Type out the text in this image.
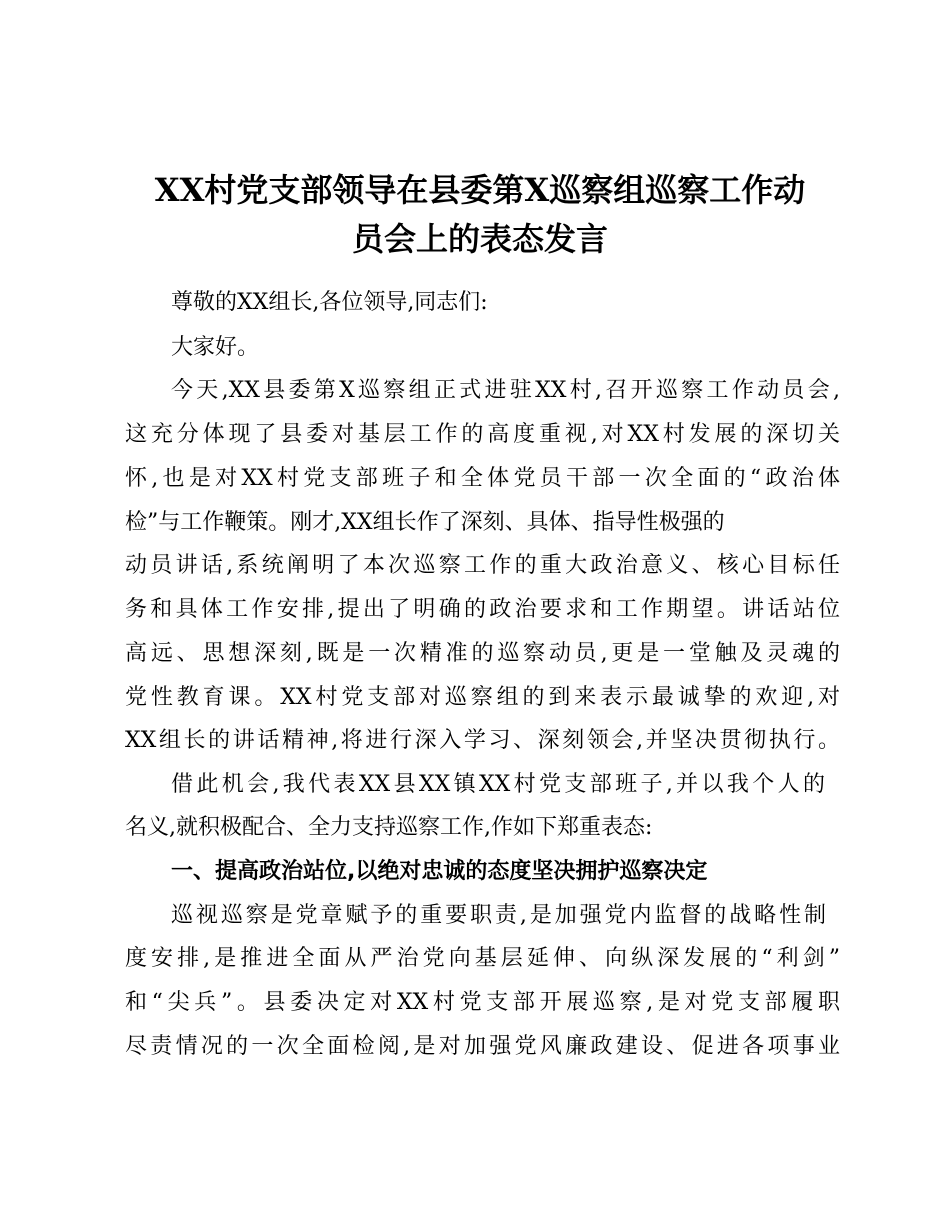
XX村党支部领导在县委第X巡察组巡察工作动
员会上的表态发言
尊敬的XX组长,各位领导,同志们:
大家好。
今天,XX县委第X巡察组正式进驻XX村,召开巡察工作动员会,
这充分体现了县委对基层工作的高度重视,对XX村发展的深切关
怀,也是对XX村党支部班子和全体党员干部一次全面的“政治体
检”与工作鞭策。刚才,XX组长作了深刻、具体、指导性极强的
动员讲话,系统阐明了本次巡察工作的重大政治意义、核心目标任
务和具体工作安排,提出了明确的政治要求和工作期望。讲话站位
高远、思想深刻,既是一次精准的巡察动员,更是一堂触及灵魂的
党性教育课。XX村党支部对巡察组的到来表示最诚挚的欢迎,对
XX组长的讲话精神,将进行深入学习、深刻领会,并坚决贯彻执行。
借此机会,我代表XX县XX镇XX村党支部班子,并以我个人的
名义,就积极配合、全力支持巡察工作,作如下郑重表态:
一、提高政治站位,以绝对忠诚的态度坚决拥护巡察决定
巡视巡察是党章赋予的重要职责,是加强党内监督的战略性制
度安排,是推进全面从严治党向基层延伸、向纵深发展的“利剑”
和“尖兵”。县委决定对XX村党支部开展巡察,是对党支部履职
尽责情况的一次全面检阅,是对加强党风廉政建设、促进各项事业
